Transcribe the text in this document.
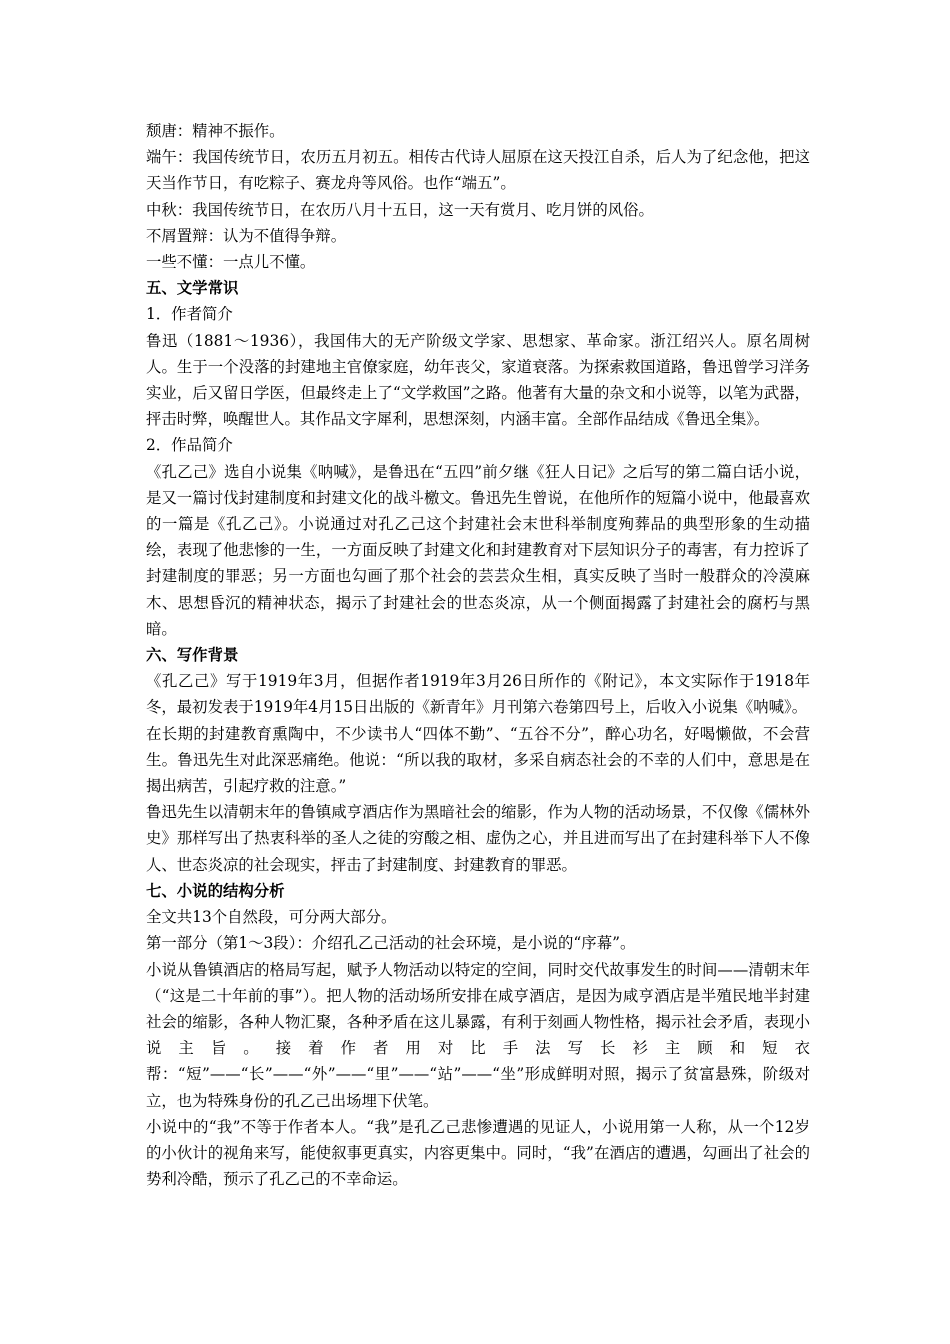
颓唐：精神不振作。

端午：我国传统节日，农历五月初五。相传古代诗人屈原在这天投江自杀，后人为了纪念他，把这天当作节日，有吃粽子、赛龙舟等风俗。也作“端五”。

中秋：我国传统节日，在农历八月十五日，这一天有赏月、吃月饼的风俗。

不屑置辩：认为不值得争辩。

一些不懂：一点儿不懂。

五、文学常识

1．作者简介

鲁迅（1881～1936），我国伟大的无产阶级文学家、思想家、革命家。浙江绍兴人。原名周树人。生于一个没落的封建地主官僚家庭，幼年丧父，家道衰落。为探索救国道路，鲁迅曾学习洋务实业，后又留日学医，但最终走上了“文学救国”之路。他著有大量的杂文和小说等，以笔为武器，抨击时弊，唤醒世人。其作品文字犀利，思想深刻，内涵丰富。全部作品结成《鲁迅全集》。

2．作品简介

《孔乙己》选自小说集《呐喊》，是鲁迅在“五四”前夕继《狂人日记》之后写的第二篇白话小说，是又一篇讨伐封建制度和封建文化的战斗檄文。鲁迅先生曾说，在他所作的短篇小说中，他最喜欢的一篇是《孔乙己》。小说通过对孔乙己这个封建社会末世科举制度殉葬品的典型形象的生动描绘，表现了他悲惨的一生，一方面反映了封建文化和封建教育对下层知识分子的毒害，有力控诉了封建制度的罪恶；另一方面也勾画了那个社会的芸芸众生相，真实反映了当时一般群众的冷漠麻木、思想昏沉的精神状态，揭示了封建社会的世态炎凉，从一个侧面揭露了封建社会的腐朽与黑暗。

六、写作背景

《孔乙己》写于1919年3月，但据作者1919年3月26日所作的《附记》，本文实际作于1918年冬，最初发表于1919年4月15日出版的《新青年》月刊第六卷第四号上，后收入小说集《呐喊》。

在长期的封建教育熏陶中，不少读书人“四体不勤”、“五谷不分”，醉心功名，好喝懒做，不会营生。鲁迅先生对此深恶痛绝。他说：“所以我的取材，多采自病态社会的不幸的人们中，意思是在揭出病苦，引起疗救的注意。”

鲁迅先生以清朝末年的鲁镇咸亨酒店作为黑暗社会的缩影，作为人物的活动场景，不仅像《儒林外史》那样写出了热衷科举的圣人之徒的穷酸之相、虚伪之心，并且进而写出了在封建科举下人不像人、世态炎凉的社会现实，抨击了封建制度、封建教育的罪恶。

七、小说的结构分析

全文共13个自然段，可分两大部分。

第一部分（第1～3段）：介绍孔乙己活动的社会环境，是小说的“序幕”。

小说从鲁镇酒店的格局写起，赋予人物活动以特定的空间，同时交代故事发生的时间——清朝末年（“这是二十年前的事”）。把人物的活动场所安排在咸亨酒店，是因为咸亨酒店是半殖民地半封建社会的缩影，各种人物汇聚，各种矛盾在这儿暴露，有利于刻画人物性格，揭示社会矛盾，表现小说主旨。接着作者用对比手法写长衫主顾和短衣帮：“短”——“长”——“外”——“里”——“站”——“坐”形成鲜明对照，揭示了贫富悬殊，阶级对立，也为特殊身份的孔乙己出场埋下伏笔。

小说中的“我”不等于作者本人。“我”是孔乙己悲惨遭遇的见证人，小说用第一人称，从一个12岁的小伙计的视角来写，能使叙事更真实，内容更集中。同时，“我”在酒店的遭遇，勾画出了社会的势利冷酷，预示了孔乙己的不幸命运。
